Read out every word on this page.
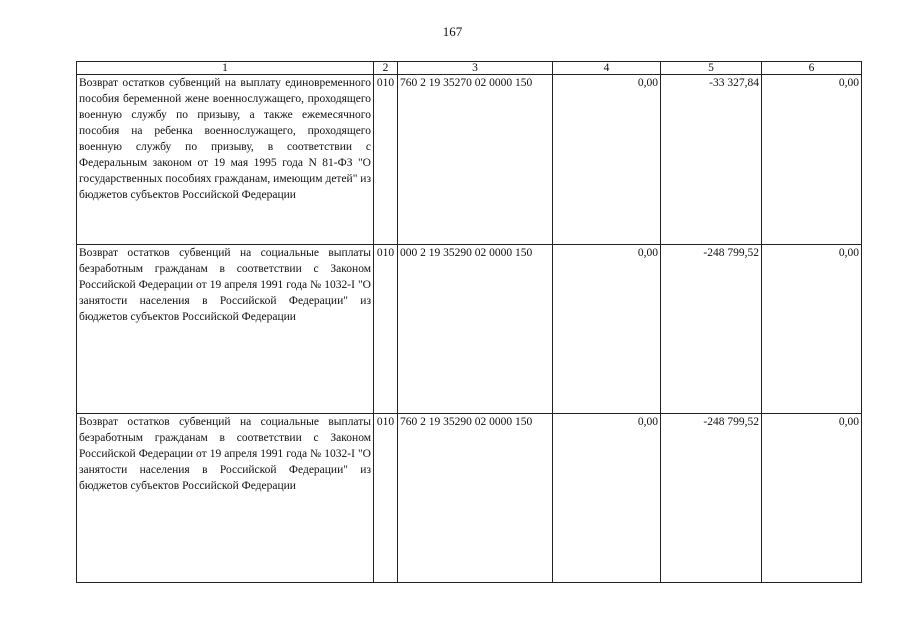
167
1	2	3	4	5	6
Возврат остатков субвенций на выплату единовременного пособия беременной жене военнослужащего, проходящего военную службу по призыву, а также ежемесячного пособия на ребенка военнослужащего, проходящего военную службу по призыву, в соответствии с Федеральным законом от 19 мая 1995 года N 81-ФЗ "О государственных пособиях гражданам, имеющим детей" из бюджетов субъектов Российской Федерации	010	760 2 19 35270 02 0000 150	0,00	-33 327,84	0,00
Возврат остатков субвенций на социальные выплаты безработным гражданам в соответствии с Законом Российской Федерации от 19 апреля 1991 года № 1032-I "О занятости населения в Российской Федерации" из бюджетов субъектов Российской Федерации	010	000 2 19 35290 02 0000 150	0,00	-248 799,52	0,00
Возврат остатков субвенций на социальные выплаты безработным гражданам в соответствии с Законом Российской Федерации от 19 апреля 1991 года № 1032-I "О занятости населения в Российской Федерации" из бюджетов субъектов Российской Федерации	010	760 2 19 35290 02 0000 150	0,00	-248 799,52	0,00
